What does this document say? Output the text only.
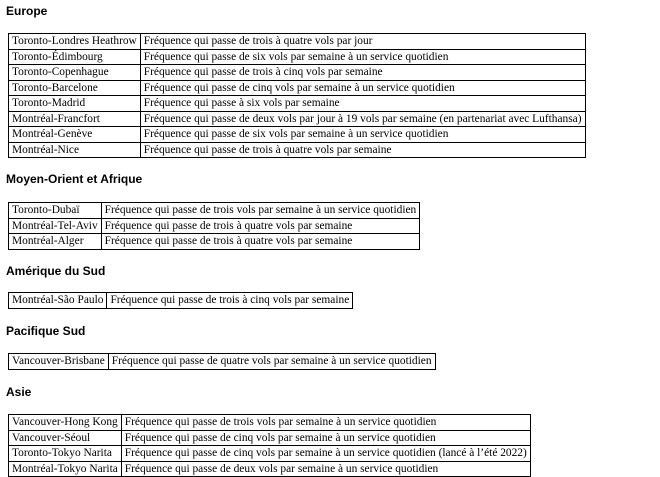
Europe
Toronto-Londres Heathrow	Fréquence qui passe de trois à quatre vols par jour
Toronto-Édimbourg	Fréquence qui passe de six vols par semaine à un service quotidien
Toronto-Copenhague	Fréquence qui passe de trois à cinq vols par semaine
Toronto-Barcelone	Fréquence qui passe de cinq vols par semaine à un service quotidien
Toronto-Madrid	Fréquence qui passe à six vols par semaine
Montréal-Francfort	Fréquence qui passe de deux vols par jour à 19 vols par semaine (en partenariat avec Lufthansa)
Montréal-Genève	Fréquence qui passe de six vols par semaine à un service quotidien
Montréal-Nice	Fréquence qui passe de trois à quatre vols par semaine
Moyen-Orient et Afrique
Toronto-Dubaï	Fréquence qui passe de trois vols par semaine à un service quotidien
Montréal-Tel-Aviv	Fréquence qui passe de trois à quatre vols par semaine
Montréal-Alger	Fréquence qui passe de trois à quatre vols par semaine
Amérique du Sud
Montréal-São Paulo	Fréquence qui passe de trois à cinq vols par semaine
Pacifique Sud
Vancouver-Brisbane	Fréquence qui passe de quatre vols par semaine à un service quotidien
Asie
Vancouver-Hong Kong	Fréquence qui passe de trois vols par semaine à un service quotidien
Vancouver-Séoul	Fréquence qui passe de cinq vols par semaine à un service quotidien
Toronto-Tokyo Narita	Fréquence qui passe de cinq vols par semaine à un service quotidien (lancé à l’été 2022)
Montréal-Tokyo Narita	Fréquence qui passe de deux vols par semaine à un service quotidien
